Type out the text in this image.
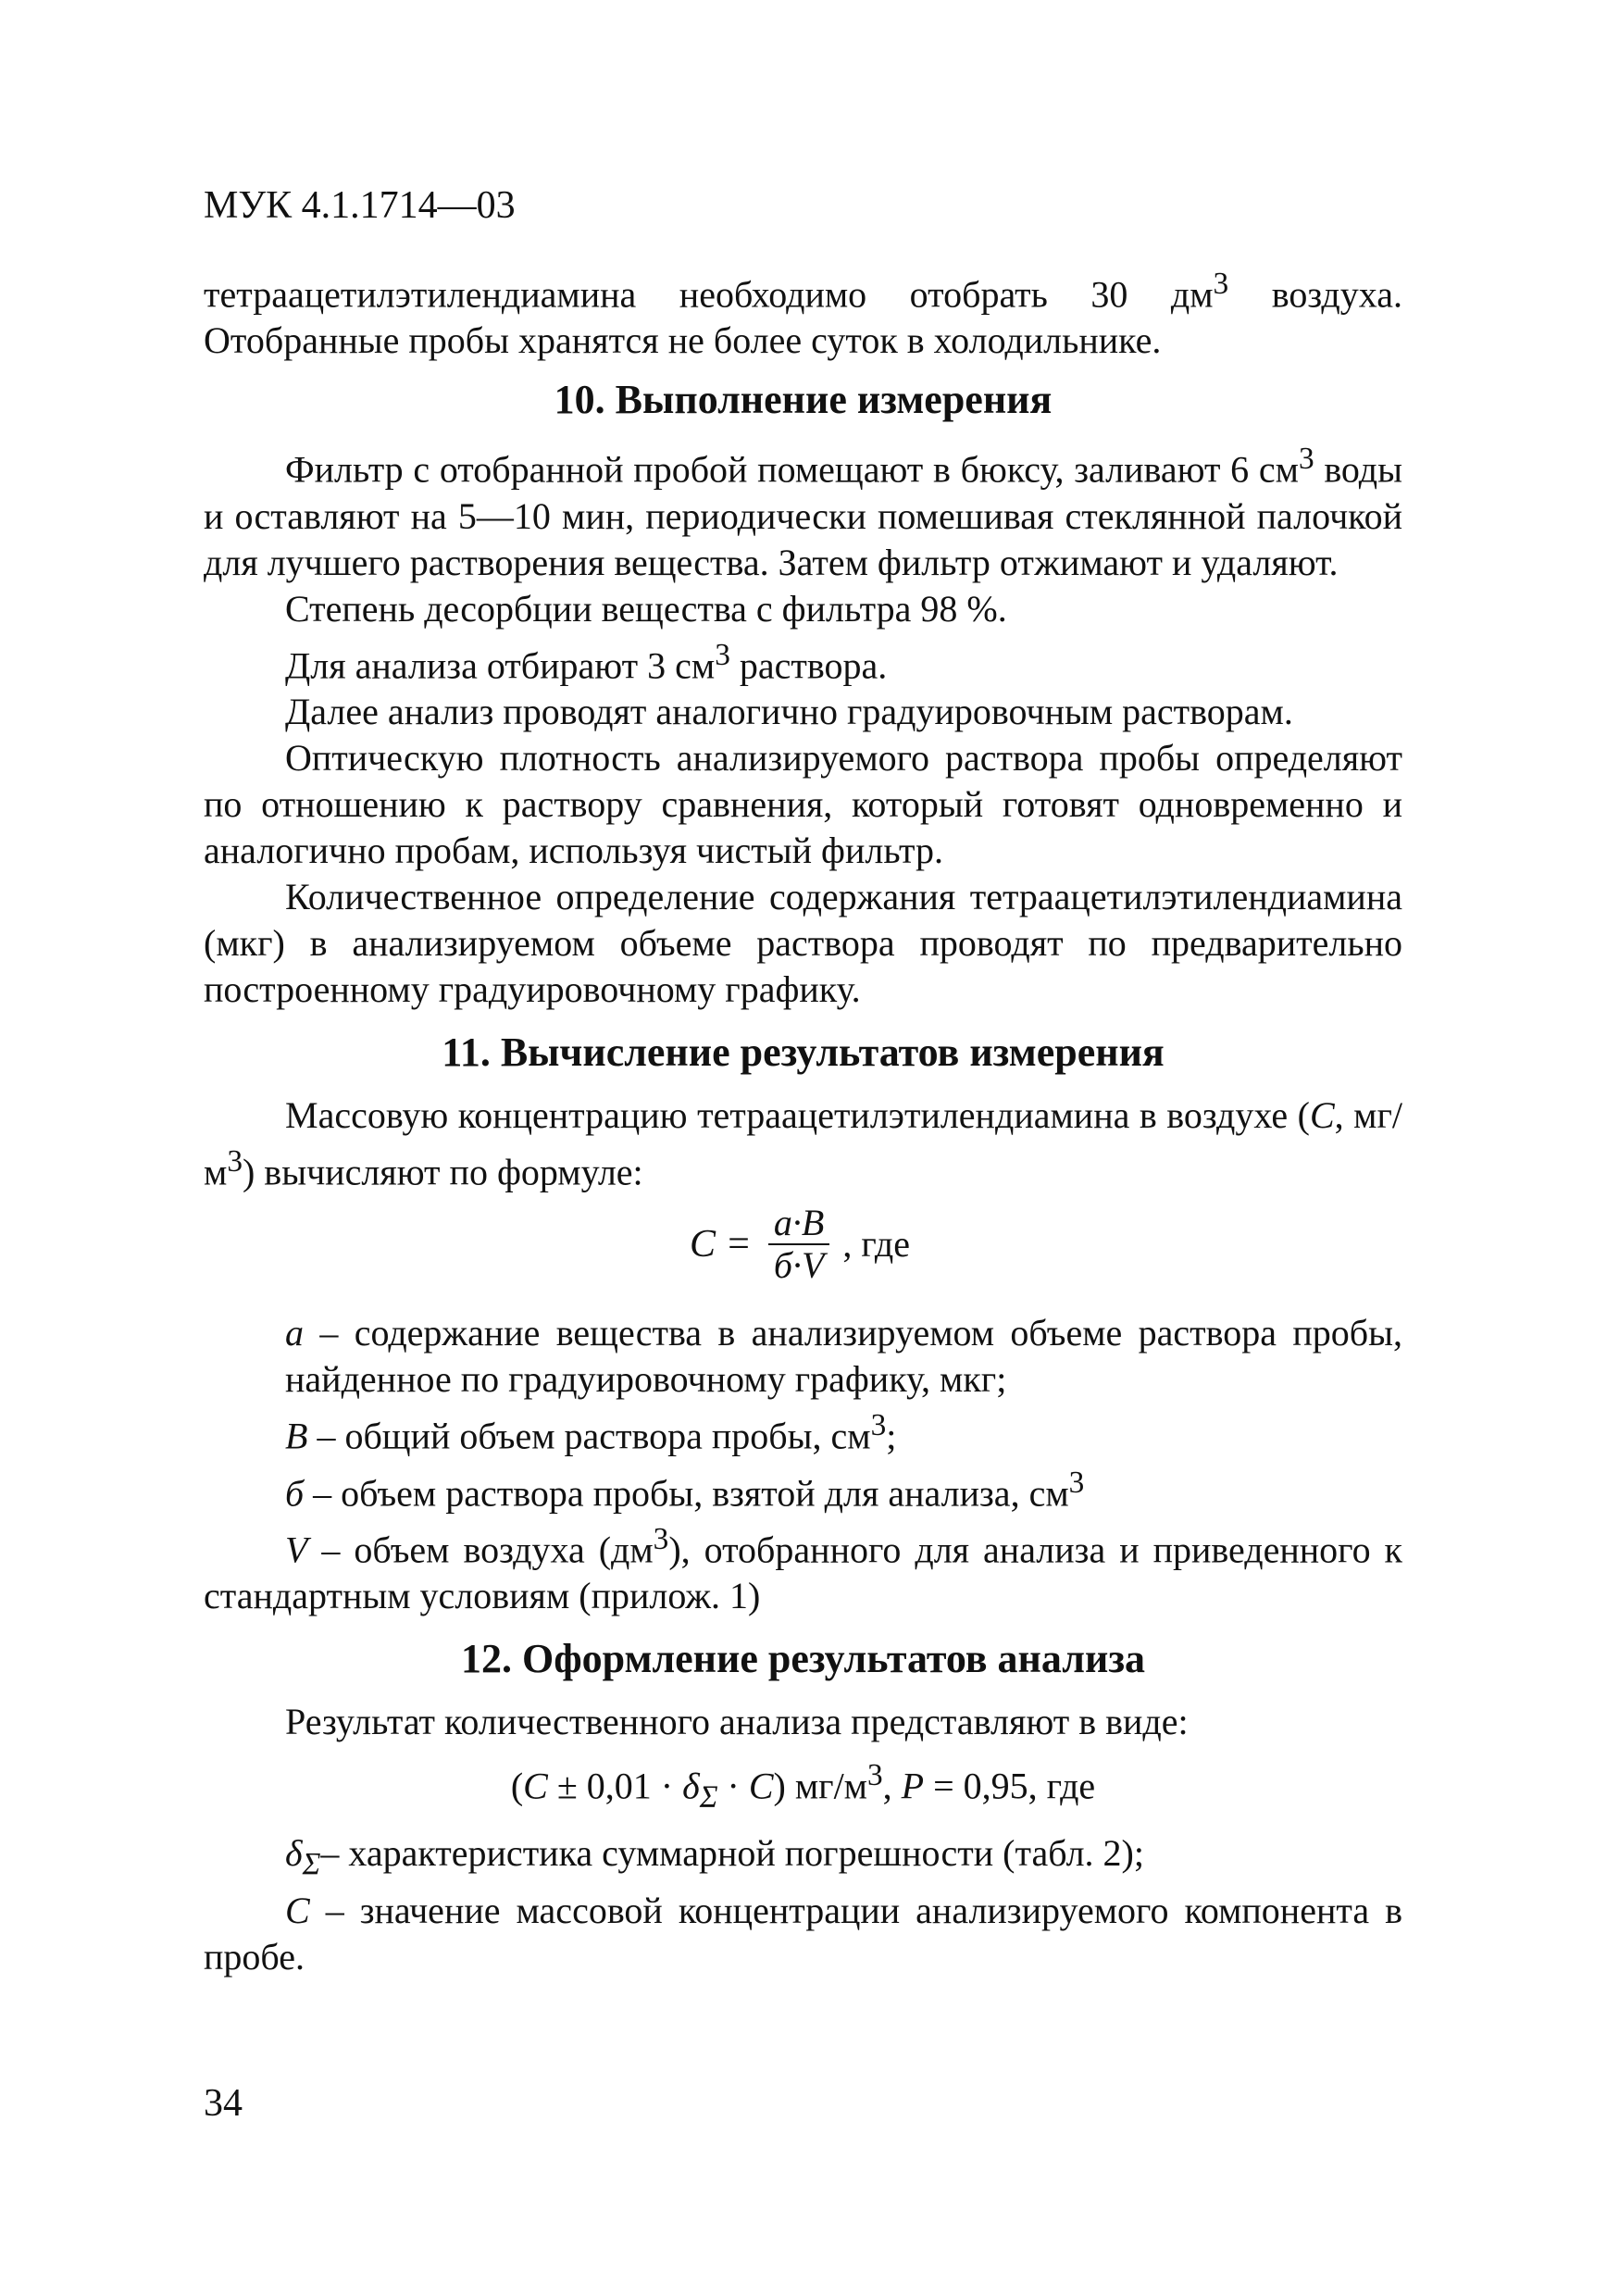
МУК 4.1.1714—03

тетраацетилэтилендиамина необходимо отобрать 30 $дм^3$ воздуха. Отобранные пробы хранятся не более суток в холодильнике.

10. Выполнение измерения

Фильтр с отобранной пробой помещают в бюксу, заливают 6 $см^3$ воды и оставляют на 5—10 мин, периодически помешивая стеклянной палочкой для лучшего растворения вещества. Затем фильтр отжимают и удаляют.

Степень десорбции вещества с фильтра 98 %.

Для анализа отбирают 3 $см^3$ раствора.

Далее анализ проводят аналогично градуировочным растворам.

Оптическую плотность анализируемого раствора пробы определяют по отношению к раствору сравнения, который готовят одновременно и аналогично пробам, используя чистый фильтр.

Количественное определение содержания тетраацетилэтилендиамина (мкг) в анализируемом объеме раствора проводят по предварительно построенному градуировочному графику.

11. Вычисление результатов измерения

Массовую концентрацию тетраацетилэтилендиамина в воздухе (С, $мг/м^3$) вычисляют по формуле:

$С = \frac{а\cdot В}{б\cdot V}$ , где

а – содержание вещества в анализируемом объеме раствора пробы, найденное по градуировочному графику, мкг;

В – общий объем раствора пробы, $см^3$;

б – объем раствора пробы, взятой для анализа, $см^3$

V – объем воздуха $(дм^3)$, отобранного для анализа и приведенного к стандартным условиям (прилож. 1)

12. Оформление результатов анализа

Результат количественного анализа представляют в виде:

$(С \pm 0,01 \cdot \delta_\Sigma \cdot С)$ $мг/м^3$, Р = 0,95, где

$\delta_\Sigma-$ характеристика суммарной погрешности (табл. 2);

С – значение массовой концентрации анализируемого компонента в пробе.

34
